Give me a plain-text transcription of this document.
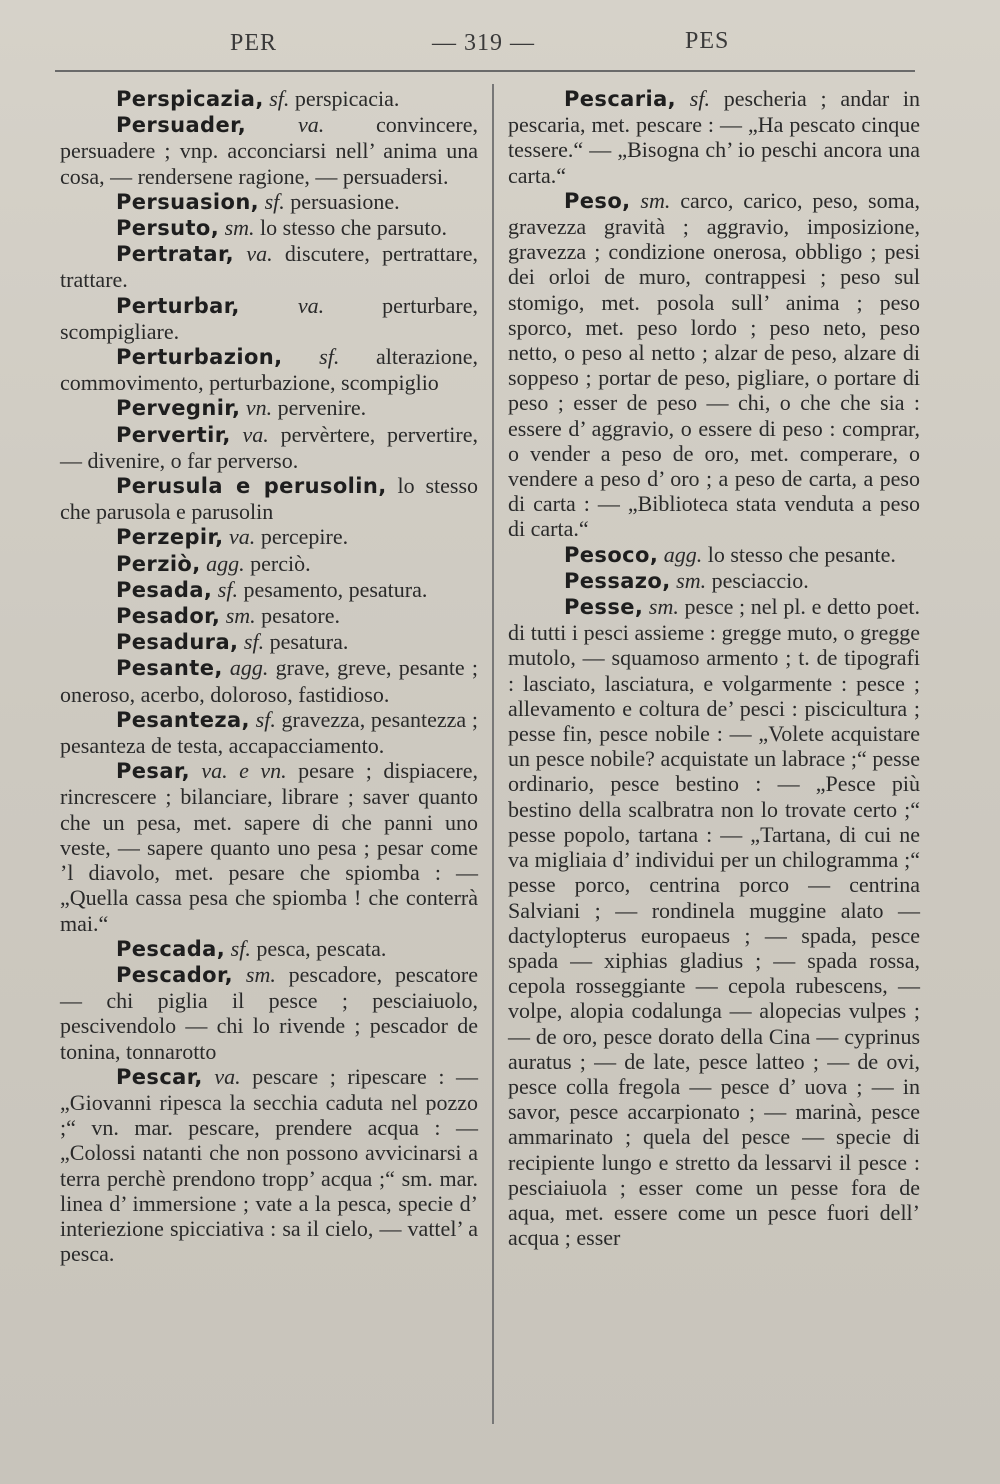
PER	— 319 —	PES

Perspicazia, sf. perspicacia.

Persuader, va. convincere, persuadere ; vnp. acconciarsi nell’ anima una cosa, — rendersene ragione, — persuadersi.

Persuasion, sf. persuasione.

Persuto, sm. lo stesso che parsuto.

Pertratar, va. discutere, pertrattare, trattare.

Perturbar,	va.	perturbare, scompigliare.

Perturbazion, sf. alterazione, commovimento, perturbazione, scompiglio

Pervegnir, vn. pervenire.

Pervertir, va. pervèrtere, pervertire, — divenire, o far perverso.

Perusula e perusolin, lo stesso che parusola e parusolin

Perzepir, va. percepire.

Perziò, agg. perciò.

Pesada, sf. pesamento, pesatura.

Pesador, sm. pesatore.

Pesadura, sf. pesatura.

Pesante, agg. grave, greve, pesante ; oneroso, acerbo, doloroso, fastidioso.

Pesanteza, sf. gravezza, pesantezza ; pesanteza de testa, accapacciamento.

Pesar, va. e vn. pesare ; dispiacere, rincrescere ; bilanciare, librare ; saver quanto che un pesa, met. sapere di che panni uno veste, — sapere quanto uno pesa ; pesar come ’l diavolo, met. pesare che spiomba : — „Quella cassa pesa che spiomba ! che conterrà mai.“

Pescada, sf. pesca, pescata.

Pescador, sm. pescadore, pescatore — chi piglia il pesce ; pesciaiuolo, pescivendolo — chi lo rivende ; pescador de tonina, tonnarotto

Pescar, va. pescare ; ripescare : — „Giovanni ripesca la secchia caduta nel pozzo ;“ vn. mar. pescare, prendere acqua : — „Colossi natanti che non possono avvicinarsi a terra perchè prendono tropp’ acqua ;“ sm. mar. linea d’ immersione ; vate a la pesca, specie d’ interiezione spicciativa : sa il cielo, — vattel’ a pesca.

Pescaria, sf. pescheria ; andar in pescaria, met. pescare : — „Ha pescato cinque tessere.“ — „Bisogna ch’ io peschi ancora una carta.“

Peso, sm. carco, carico, peso, soma, gravezza gravità ; aggravio, imposizione, gravezza ; condizione onerosa, obbligo ; pesi dei orloi de muro, contrappesi ; peso sul stomigo, met. posola sull’ anima ; peso sporco, met. peso lordo ; peso neto, peso netto, o peso al netto ; alzar de peso, alzare di soppeso ; portar de peso, pigliare, o portare di peso ; esser de peso — chi, o che che sia : essere d’ aggravio, o essere di peso : comprar, o vender a peso de oro, met. comperare, o vendere a peso d’ oro ; a peso de carta, a peso di carta : — „Biblioteca stata venduta a peso di carta.“

Pesoco, agg. lo stesso che pesante.

Pessazo, sm. pesciaccio.

Pesse, sm. pesce ; nel pl. e detto poet. di tutti i pesci assieme : gregge muto, o gregge mutolo, — squamoso armento ; t. de tipografi : lasciato, lasciatura, e volgarmente : pesce ; allevamento e coltura de’ pesci : piscicultura ; pesse fin, pesce nobile : — „Volete acquistare un pesce nobile? acquistate un labrace ;“ pesse ordinario, pesce bestino : — „Pesce più bestino della scalbratra non lo trovate certo ;“ pesse popolo, tartana : — „Tartana, di cui ne va migliaia d’ individui per un chilogramma ;“ pesse porco, centrina porco — centrina Salviani ; — rondinela muggine alato — dactylopterus europaeus ; — spada, pesce spada — xiphias gladius ; — spada rossa, cepola rosseggiante — cepola rubescens, — volpe, alopia codalunga — alopecias vulpes ; — de oro, pesce dorato della Cina — cyprinus auratus ; — de late, pesce latteo ; — de ovi, pesce colla fregola — pesce d’ uova ; — in savor, pesce accarpionato ; — marinà, pesce ammarinato ; quela del pesce — specie di recipiente lungo e stretto da lessarvi il pesce : pesciaiuola ; esser come un pesse fora de aqua, met. essere come un pesce fuori dell’ acqua ; esser
